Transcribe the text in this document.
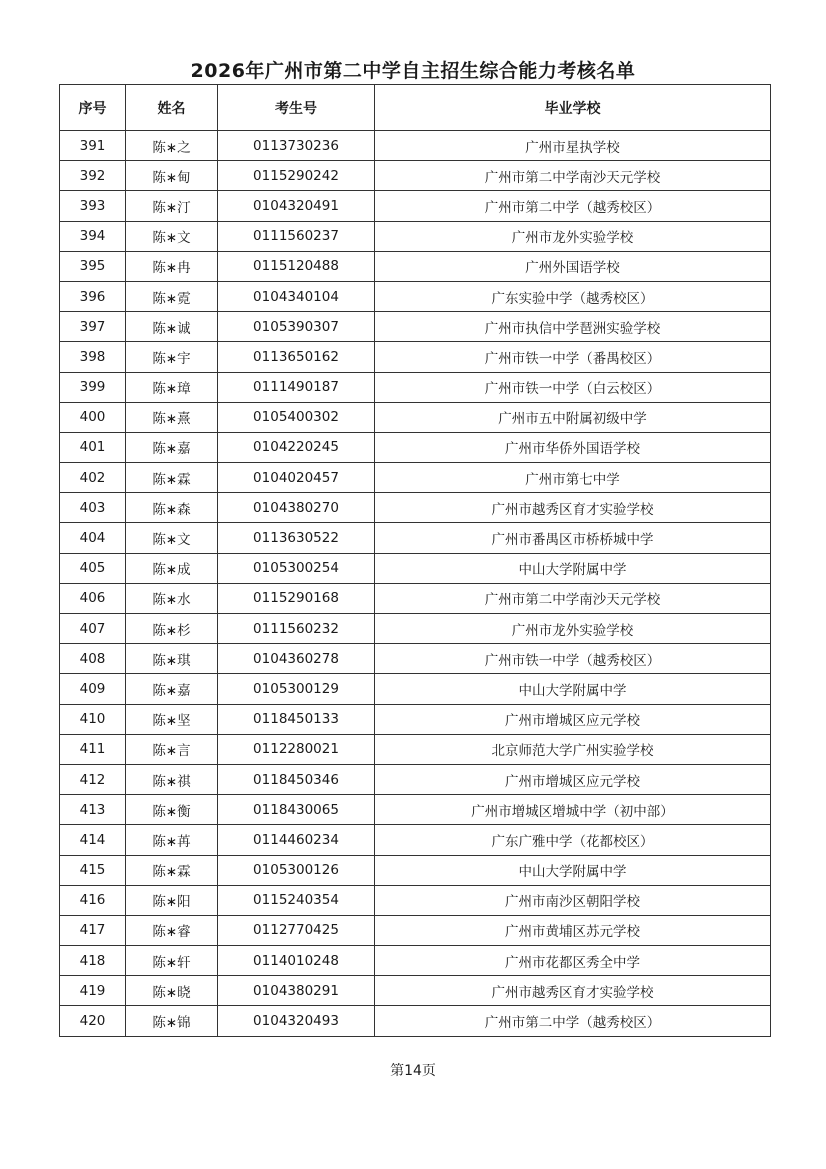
2026年广州市第二中学自主招生综合能力考核名单
序号	姓名	考生号	毕业学校
391	陈∗之	0113730236	广州市星执学校
392	陈∗甸	0115290242	广州市第二中学南沙天元学校
393	陈∗汀	0104320491	广州市第二中学（越秀校区）
394	陈∗文	0111560237	广州市龙外实验学校
395	陈∗冉	0115120488	广州外国语学校
396	陈∗霓	0104340104	广东实验中学（越秀校区）
397	陈∗诚	0105390307	广州市执信中学琶洲实验学校
398	陈∗宇	0113650162	广州市铁一中学（番禺校区）
399	陈∗璋	0111490187	广州市铁一中学（白云校区）
400	陈∗熹	0105400302	广州市五中附属初级中学
401	陈∗嘉	0104220245	广州市华侨外国语学校
402	陈∗霖	0104020457	广州市第七中学
403	陈∗森	0104380270	广州市越秀区育才实验学校
404	陈∗文	0113630522	广州市番禺区市桥桥城中学
405	陈∗成	0105300254	中山大学附属中学
406	陈∗水	0115290168	广州市第二中学南沙天元学校
407	陈∗杉	0111560232	广州市龙外实验学校
408	陈∗琪	0104360278	广州市铁一中学（越秀校区）
409	陈∗嘉	0105300129	中山大学附属中学
410	陈∗坚	0118450133	广州市增城区应元学校
411	陈∗言	0112280021	北京师范大学广州实验学校
412	陈∗祺	0118450346	广州市增城区应元学校
413	陈∗衡	0118430065	广州市增城区增城中学（初中部）
414	陈∗苒	0114460234	广东广雅中学（花都校区）
415	陈∗霖	0105300126	中山大学附属中学
416	陈∗阳	0115240354	广州市南沙区朝阳学校
417	陈∗睿	0112770425	广州市黄埔区苏元学校
418	陈∗轩	0114010248	广州市花都区秀全中学
419	陈∗晓	0104380291	广州市越秀区育才实验学校
420	陈∗锦	0104320493	广州市第二中学（越秀校区）
第14页
